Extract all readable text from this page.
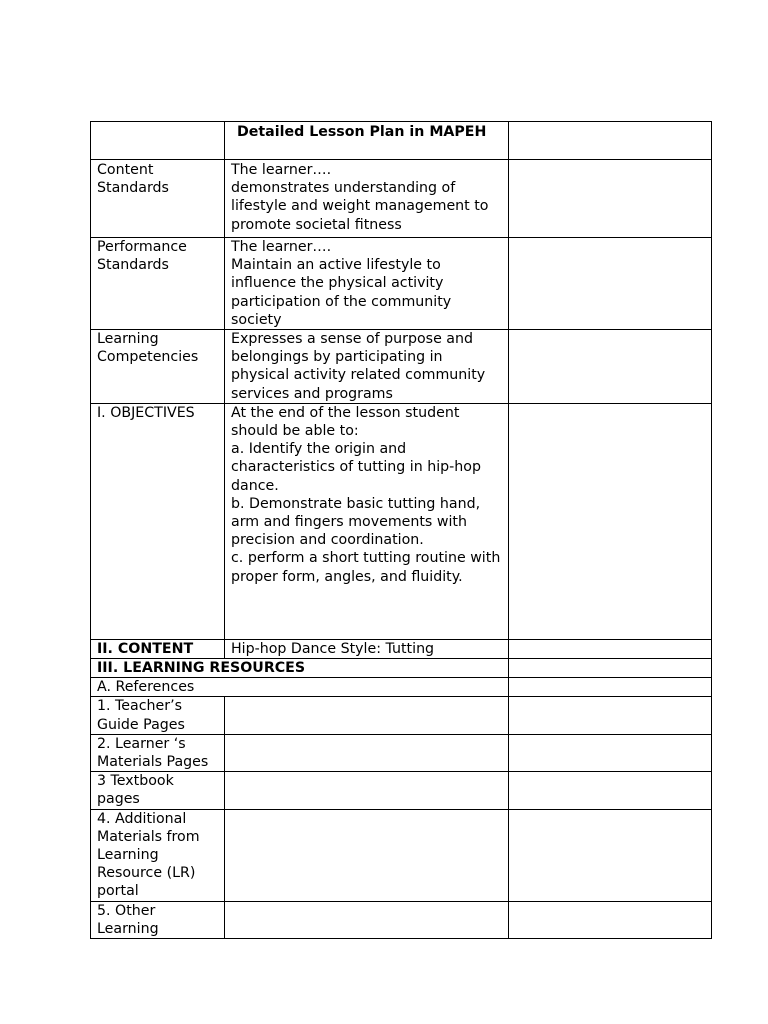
	Detailed Lesson Plan in MAPEH	
Content
Standards	The learner….
demonstrates understanding of lifestyle and weight management to promote societal fitness	
Performance
Standards	The learner….
Maintain an active lifestyle to influence the physical activity participation of the community society	
Learning
Competencies	Expresses a sense of purpose and belongings by participating in physical activity related community services and programs	
I. OBJECTIVES	At the end of the lesson student should be able to:
a. Identify the origin and characteristics of tutting in hip-hop dance.
b. Demonstrate basic tutting hand, arm and fingers movements with precision and coordination.
c. perform a short tutting routine with proper form, angles, and fluidity.	
II. CONTENT	Hip-hop Dance Style: Tutting	
III. LEARNING RESOURCES		
A. References		
1. Teacher’s
Guide Pages		
2. Learner ‘s
Materials Pages		
3 Textbook
pages		
4. Additional
Materials from
Learning
Resource (LR)
portal		
5. Other
Learning		
